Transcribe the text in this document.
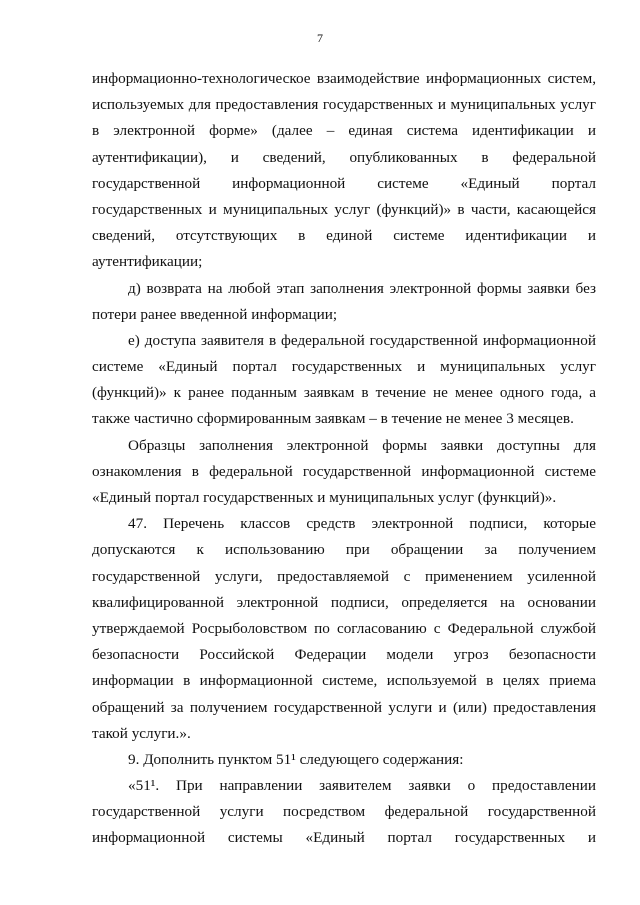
7
информационно-технологическое взаимодействие информационных систем,
используемых для предоставления государственных и муниципальных услуг
в электронной форме» (далее – единая система идентификации и
аутентификации), и сведений, опубликованных в федеральной
государственной информационной системе «Единый портал
государственных и муниципальных услуг (функций)» в части, касающейся
сведений, отсутствующих в единой системе идентификации и
аутентификации;
д) возврата на любой этап заполнения электронной формы заявки без
потери ранее введенной информации;
е) доступа заявителя в федеральной государственной информационной
системе «Единый портал государственных и муниципальных услуг
(функций)» к ранее поданным заявкам в течение не менее одного года, а
также частично сформированным заявкам – в течение не менее 3 месяцев.
Образцы заполнения электронной формы заявки доступны для
ознакомления в федеральной государственной информационной системе
«Единый портал государственных и муниципальных услуг (функций)».
47. Перечень классов средств электронной подписи, которые
допускаются к использованию при обращении за получением
государственной услуги, предоставляемой с применением усиленной
квалифицированной электронной подписи, определяется на основании
утверждаемой Росрыболовством по согласованию с Федеральной службой
безопасности Российской Федерации модели угроз безопасности
информации в информационной системе, используемой в целях приема
обращений за получением государственной услуги и (или) предоставления
такой услуги.».
9. Дополнить пунктом 51¹ следующего содержания:
«51¹. При направлении заявителем заявки о предоставлении
государственной услуги посредством федеральной государственной
информационной системы «Единый портал государственных и
